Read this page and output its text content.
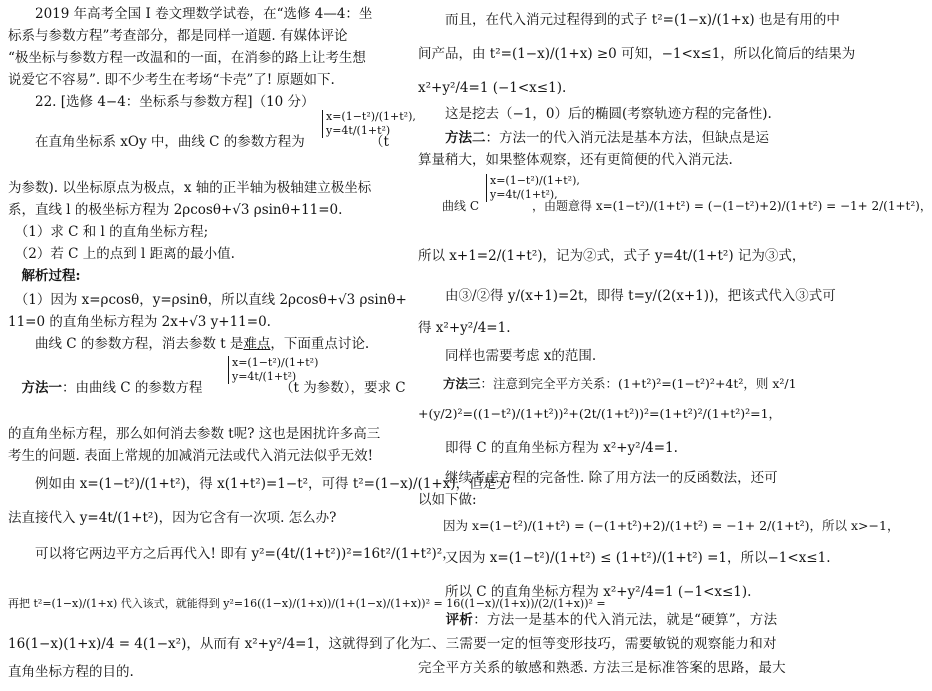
　　2019 年高考全国 I 卷文理数学试卷，在“选修 4—4：坐
标系与参数方程”考查部分，都是同样一道题. 有媒体评论
“极坐标与参数方程一改温和的一面，在消参的路上让考生想
说爱它不容易”. 即不少考生在考场“卡壳”了! 原题如下.
　　22. [选修 4−4：坐标系与参数方程]（10 分）
　　在直角坐标系 xOy 中，曲线 C 的参数方程为
x=(1−t²)/(1+t²),
y=4t/(1+t²)
（t
为参数). 以坐标原点为极点，x 轴的正半轴为极轴建立极坐标
系，直线 l 的极坐标方程为 2ρcosθ+√3 ρsinθ+11=0.
　（1）求 C 和 l 的直角坐标方程;
　（2）若 C 上的点到 l 距离的最小值.
　解析过程:
　（1）因为 x=ρcosθ，y=ρsinθ，所以直线 2ρcosθ+√3 ρsinθ+
11=0 的直角坐标方程为 2x+√3 y+11=0.
　　曲线 C 的参数方程，消去参数 t 是难点，下面重点讨论.
　方法一：由曲线 C 的参数方程
x=(1−t²)/(1+t²)
y=4t/(1+t²)
（t 为参数），要求 C
的直角坐标方程，那么如何消去参数 t呢? 这也是困扰许多高三
考生的问题. 表面上常规的加减消元法或代入消元法似乎无效!
　　例如由 x=(1−t²)/(1+t²)，得 x(1+t²)=1−t²，可得 t²=(1−x)/(1+x)，但是无
法直接代入 y=4t/(1+t²)，因为它含有一次项. 怎么办?
　　可以将它两边平方之后再代入! 即有 y²=(4t/(1+t²))²=16t²/(1+t²)²，
再把 t²=(1−x)/(1+x) 代入该式，就能得到 y²=16((1−x)/(1+x))/(1+(1−x)/(1+x))² = 16((1−x)/(1+x))/(2/(1+x))² =
16(1−x)(1+x)/4 = 4(1−x²)，从而有 x²+y²/4=1，这就得到了化为
直角坐标方程的目的.
　　而且，在代入消元过程得到的式子 t²=(1−x)/(1+x) 也是有用的中
间产品，由 t²=(1−x)/(1+x) ≥0 可知，−1<x≤1，所以化简后的结果为
x²+y²/4=1 (−1<x≤1).
　　这是挖去（−1，0）后的椭圆(考察轨迹方程的完备性).
　　方法二：方法一的代入消元法是基本方法，但缺点是运
算量稍大，如果整体观察，还有更简便的代入消元法.
　　曲线 C
x=(1−t²)/(1+t²),
y=4t/(1+t²),
，由题意得 x=(1−t²)/(1+t²) = (−(1−t²)+2)/(1+t²) = −1+ 2/(1+t²)，
所以 x+1=2/(1+t²)，记为②式，式子 y=4t/(1+t²) 记为③式，
　　由③/②得 y/(x+1)=2t，即得 t=y/(2(x+1))，把该式代入③式可
得 x²+y²/4=1.
　　同样也需要考虑 x的范围.
　　方法三：注意到完全平方关系：(1+t²)²=(1−t²)²+4t²，则 x²/1
+(y/2)²=((1−t²)/(1+t²))²+(2t/(1+t²))²=(1+t²)²/(1+t²)²=1，
　　即得 C 的直角坐标方程为 x²+y²/4=1.
　　继续考虑方程的完备性. 除了用方法一的反函数法，还可
以如下做:
　　因为 x=(1−t²)/(1+t²) = (−(1+t²)+2)/(1+t²) = −1+ 2/(1+t²)，所以 x>−1，
　　又因为 x=(1−t²)/(1+t²) ≤ (1+t²)/(1+t²) =1，所以−1<x≤1.
　　所以 C 的直角坐标方程为 x²+y²/4=1 (−1<x≤1).
　　评析：方法一是基本的代入消元法，就是“硬算”，方法
二、三需要一定的恒等变形技巧，需要敏锐的观察能力和对
完全平方关系的敏感和熟悉. 方法三是标准答案的思路，最大
